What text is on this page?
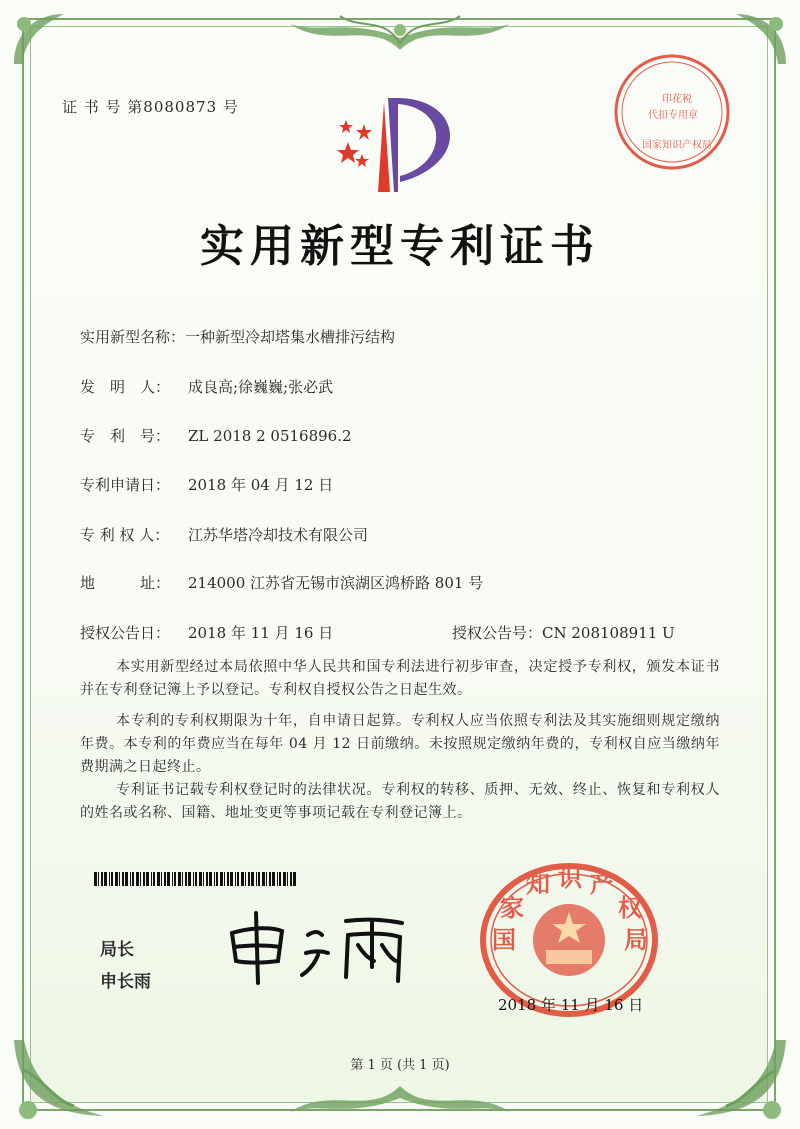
证 书 号 第8080873 号
实用新型专利证书
实用新型名称：一种新型冷却塔集水槽排污结构
发　明　人： 成良高;徐巍巍;张必武
专　利　号： ZL 2018 2 0516896.2
专利申请日： 2018 年 04 月 12 日
专 利 权 人： 江苏华塔冷却技术有限公司
地　　　址： 214000 江苏省无锡市滨湖区鸿桥路 801 号
授权公告日： 2018 年 11 月 16 日	授权公告号：CN 208108911 U
本实用新型经过本局依照中华人民共和国专利法进行初步审查，决定授予专利权，颁发本证书并在专利登记簿上予以登记。专利权自授权公告之日起生效。
本专利的专利权期限为十年，自申请日起算。专利权人应当依照专利法及其实施细则规定缴纳年费。本专利的年费应当在每年 04 月 12 日前缴纳。未按照规定缴纳年费的，专利权自应当缴纳年费期满之日起终止。
专利证书记载专利权登记时的法律状况。专利权的转移、质押、无效、终止、恢复和专利权人的姓名或名称、国籍、地址变更等事项记载在专利登记簿上。
局长
申长雨
国
家
知 识 产
权
局
2018 年 11 月 16 日
印花税
代扣专用章
国家知识产权局
第 1 页 (共 1 页)
